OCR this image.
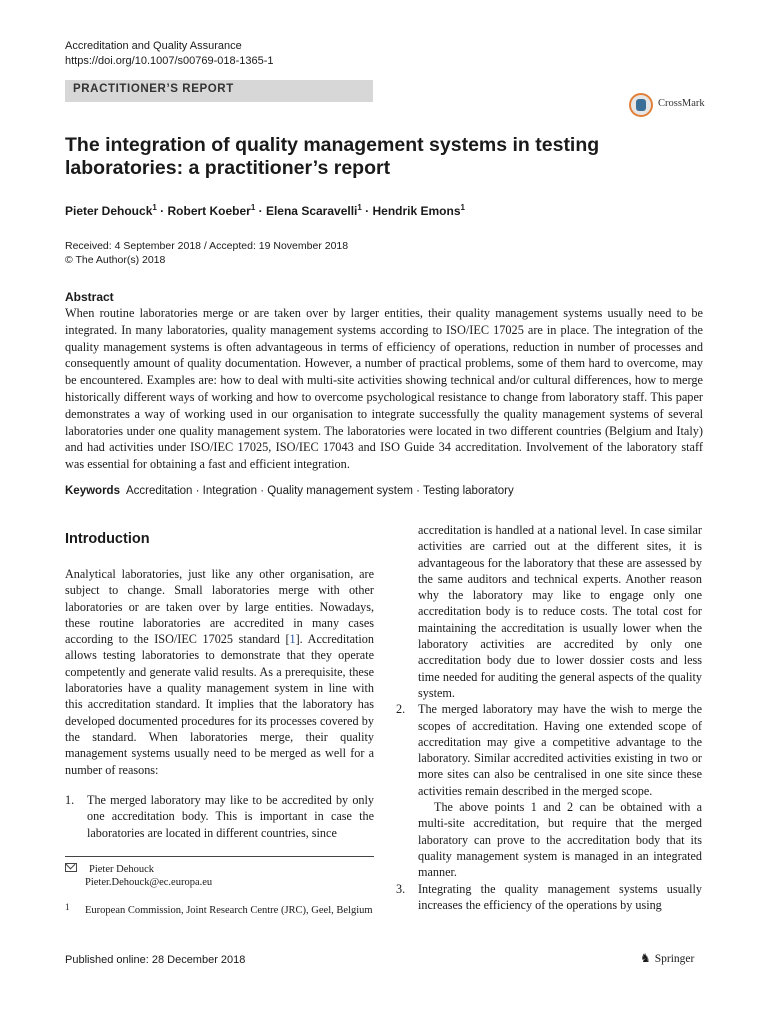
Accreditation and Quality Assurance
https://doi.org/10.1007/s00769-018-1365-1
PRACTITIONER’S REPORT
CrossMark
The integration of quality management systems in testing laboratories: a practitioner’s report
Pieter Dehouck$^1$ · Robert Koeber$^1$ · Elena Scaravelli$^1$ · Hendrik Emons$^1$
Received: 4 September 2018 / Accepted: 19 November 2018
© The Author(s) 2018
Abstract
When routine laboratories merge or are taken over by larger entities, their quality management systems usually need to be integrated. In many laboratories, quality management systems according to ISO/IEC 17025 are in place. The integration of the quality management systems is often advantageous in terms of efficiency of operations, reduction in number of processes and consequently amount of quality documentation. However, a number of practical problems, some of them hard to overcome, may be encountered. Examples are: how to deal with multi-site activities showing technical and/or cultural differences, how to merge historically different ways of working and how to overcome psychological resistance to change from laboratory staff. This paper demonstrates a way of working used in our organisation to integrate successfully the quality management systems of several laboratories under one quality management system. The laboratories were located in two different countries (Belgium and Italy) and had activities under ISO/IEC 17025, ISO/IEC 17043 and ISO Guide 34 accreditation. Involvement of the laboratory staff was essential for obtaining a fast and efficient integration.
Keywords Accreditation · Integration · Quality management system · Testing laboratory
Introduction
Analytical laboratories, just like any other organisation, are subject to change. Small laboratories merge with other laboratories or are taken over by large entities. Nowadays, these routine laboratories are accredited in many cases according to the ISO/IEC 17025 standard [1]. Accreditation allows testing laboratories to demonstrate that they operate competently and generate valid results. As a prerequisite, these laboratories have a quality management system in line with this accreditation standard. It implies that the laboratory has developed documented procedures for its processes covered by the standard. When laboratories merge, their quality management systems usually need to be merged as well for a number of reasons:
1. The merged laboratory may like to be accredited by only one accreditation body. This is important in case the laboratories are located in different countries, since
accreditation is handled at a national level. In case similar activities are carried out at the different sites, it is advantageous for the laboratory that these are assessed by the same auditors and technical experts. Another reason why the laboratory may like to engage only one accreditation body is to reduce costs. The total cost for maintaining the accreditation is usually lower when the laboratory activities are accredited by only one accreditation body due to lower dossier costs and less time needed for auditing the general aspects of the quality system.
2. The merged laboratory may have the wish to merge the scopes of accreditation. Having one extended scope of accreditation may give a competitive advantage to the laboratory. Similar accredited activities existing in two or more sites can also be centralised in one site since these activities remain described in the merged scope.
The above points 1 and 2 can be obtained with a multi-site accreditation, but require that the merged laboratory can prove to the accreditation body that its quality management system is managed in an integrated manner.
3. Integrating the quality management systems usually increases the efficiency of the operations by using
Pieter Dehouck
Pieter.Dehouck@ec.europa.eu
1 European Commission, Joint Research Centre (JRC), Geel, Belgium
Published online: 28 December 2018	♞ Springer
